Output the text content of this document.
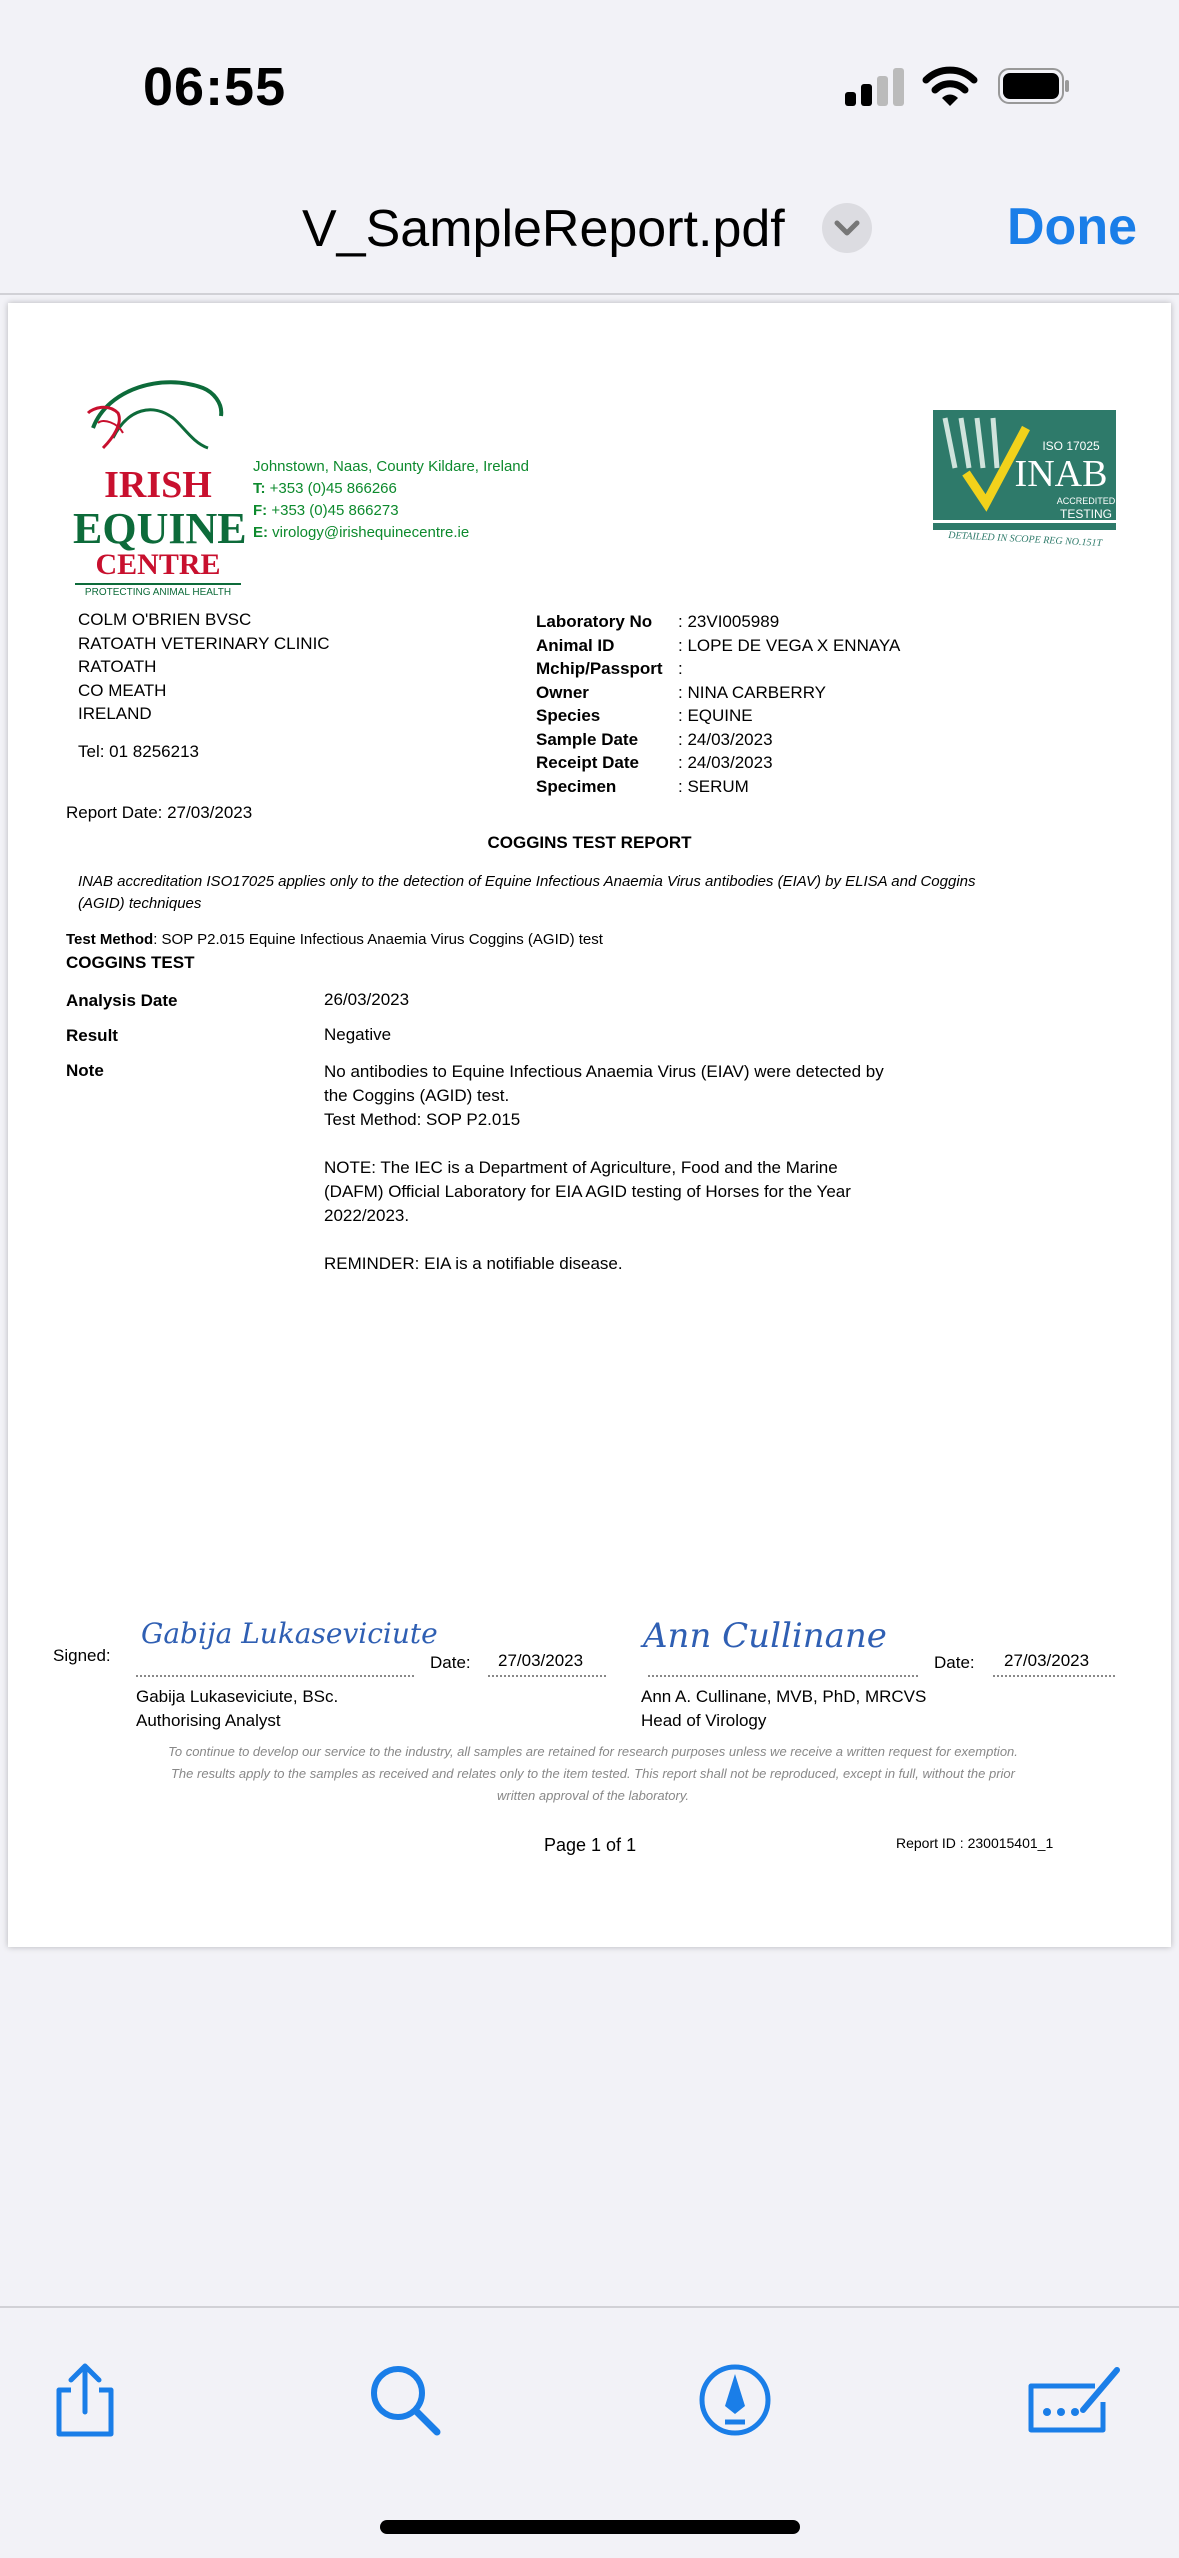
06:55
V_SampleReport.pdf	Done
IRISH
EQUINE
CENTRE
PROTECTING ANIMAL HEALTH
Johnstown, Naas, County Kildare, Ireland
T: +353 (0)45 866266
F: +353 (0)45 866273
E: virology@irishequinecentre.ie
ISO 17025
INAB
ACCREDITED
TESTING
DETAILED IN SCOPE REG NO.151T
COLM O'BRIEN BVSC
RATOATH VETERINARY CLINIC
RATOATH
CO MEATH
IRELAND
Tel: 01 8256213
Laboratory No	: 23VI005989
Animal ID	: LOPE DE VEGA X ENNAYA
Mchip/Passport :
Owner	: NINA CARBERRY
Species	: EQUINE
Sample Date	: 24/03/2023
Receipt Date	: 24/03/2023
Specimen	: SERUM
Report Date: 27/03/2023
COGGINS TEST REPORT
INAB accreditation ISO17025 applies only to the detection of Equine Infectious Anaemia Virus antibodies (EIAV) by ELISA and Coggins (AGID) techniques
Test Method: SOP P2.015 Equine Infectious Anaemia Virus Coggins (AGID) test
COGGINS TEST
Analysis Date	26/03/2023
Result	Negative
Note	No antibodies to Equine Infectious Anaemia Virus (EIAV) were detected by
the Coggins (AGID) test.
Test Method: SOP P2.015

NOTE: The IEC is a Department of Agriculture, Food and the Marine
(DAFM) Official Laboratory for EIA AGID testing of Horses for the Year
2022/2023.

REMINDER: EIA is a notifiable disease.

Signed:
Gabija Lukaseviciute
Date: 27/03/2023
Ann Cullinane
Date: 27/03/2023
Gabija Lukaseviciute, BSc.
Authorising Analyst
Ann A. Cullinane, MVB, PhD, MRCVS
Head of Virology
To continue to develop our service to the industry, all samples are retained for research purposes unless we receive a written request for exemption.
The results apply to the samples as received and relates only to the item tested. This report shall not be reproduced, except in full, without the prior
written approval of the laboratory.
Page 1 of 1	Report ID : 230015401_1
